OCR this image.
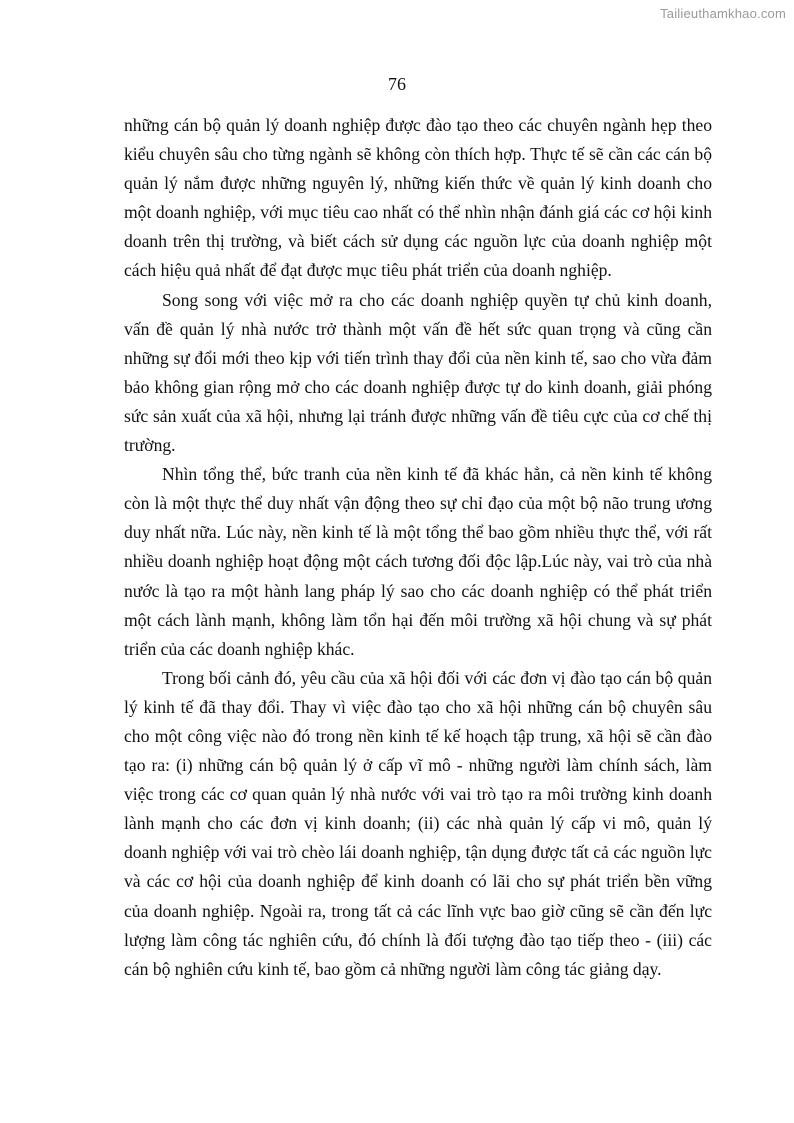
Tailieuthamkhao.com
76

những cán bộ quản lý doanh nghiệp được đào tạo theo các chuyên ngành hẹp theo kiểu chuyên sâu cho từng ngành sẽ không còn thích hợp. Thực tế sẽ cần các cán bộ quản lý nắm được những nguyên lý, những kiến thức về quản lý kinh doanh cho một doanh nghiệp, với mục tiêu cao nhất có thể nhìn nhận đánh giá các cơ hội kinh doanh trên thị trường, và biết cách sử dụng các nguồn lực của doanh nghiệp một cách hiệu quả nhất để đạt được mục tiêu phát triển của doanh nghiệp.

Song song với việc mở ra cho các doanh nghiệp quyền tự chủ kinh doanh, vấn đề quản lý nhà nước trở thành một vấn đề hết sức quan trọng và cũng cần những sự đổi mới theo kịp với tiến trình thay đổi của nền kinh tế, sao cho vừa đảm bảo không gian rộng mở cho các doanh nghiệp được tự do kinh doanh, giải phóng sức sản xuất của xã hội, nhưng lại tránh được những vấn đề tiêu cực của cơ chế thị trường.

Nhìn tổng thể, bức tranh của nền kinh tế đã khác hẳn, cả nền kinh tế không còn là một thực thể duy nhất vận động theo sự chỉ đạo của một bộ não trung ương duy nhất nữa. Lúc này, nền kinh tế là một tổng thể bao gồm nhiều thực thể, với rất nhiều doanh nghiệp hoạt động một cách tương đối độc lập.Lúc này, vai trò của nhà nước là tạo ra một hành lang pháp lý sao cho các doanh nghiệp có thể phát triển một cách lành mạnh, không làm tổn hại đến môi trường xã hội chung và sự phát triển của các doanh nghiệp khác.

Trong bối cảnh đó, yêu cầu của xã hội đối với các đơn vị đào tạo cán bộ quản lý kinh tế đã thay đổi. Thay vì việc đào tạo cho xã hội những cán bộ chuyên sâu cho một công việc nào đó trong nền kinh tế kế hoạch tập trung, xã hội sẽ cần đào tạo ra: (i) những cán bộ quản lý ở cấp vĩ mô - những người làm chính sách, làm việc trong các cơ quan quản lý nhà nước với vai trò tạo ra môi trường kinh doanh lành mạnh cho các đơn vị kinh doanh; (ii) các nhà quản lý cấp vi mô, quản lý doanh nghiệp với vai trò chèo lái doanh nghiệp, tận dụng được tất cả các nguồn lực và các cơ hội của doanh nghiệp để kinh doanh có lãi cho sự phát triển bền vững của doanh nghiệp. Ngoài ra, trong tất cả các lĩnh vực bao giờ cũng sẽ cần đến lực lượng làm công tác nghiên cứu, đó chính là đối tượng đào tạo tiếp theo - (iii) các cán bộ nghiên cứu kinh tế, bao gồm cả những người làm công tác giảng dạy.
